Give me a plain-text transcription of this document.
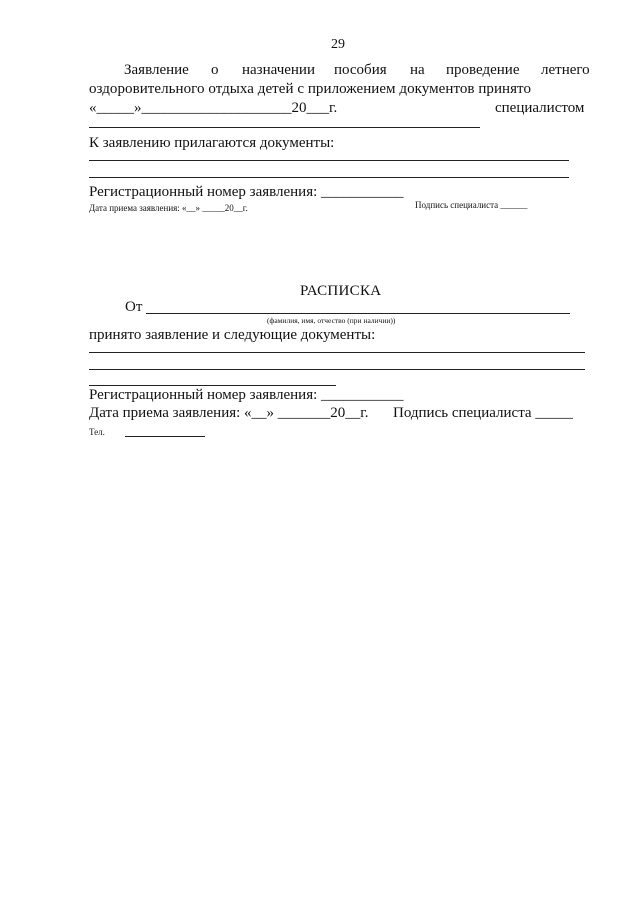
29
Заявление о назначении пособия на проведение летнего
оздоровительного отдыха детей с приложением документов принято
«_____»____________________20___г.	специалистом
К заявлению прилагаются документы:
Регистрационный номер заявления: ___________
Дата приема заявления: «__» _____20__г.	Подпись специалиста ______
РАСПИСКА
От
(фамилия, имя, отчество (при наличии))
принято заявление и следующие документы:
Регистрационный номер заявления: ___________
Дата приема заявления: «__» _______20__г. Подпись специалиста _____
Тел.
